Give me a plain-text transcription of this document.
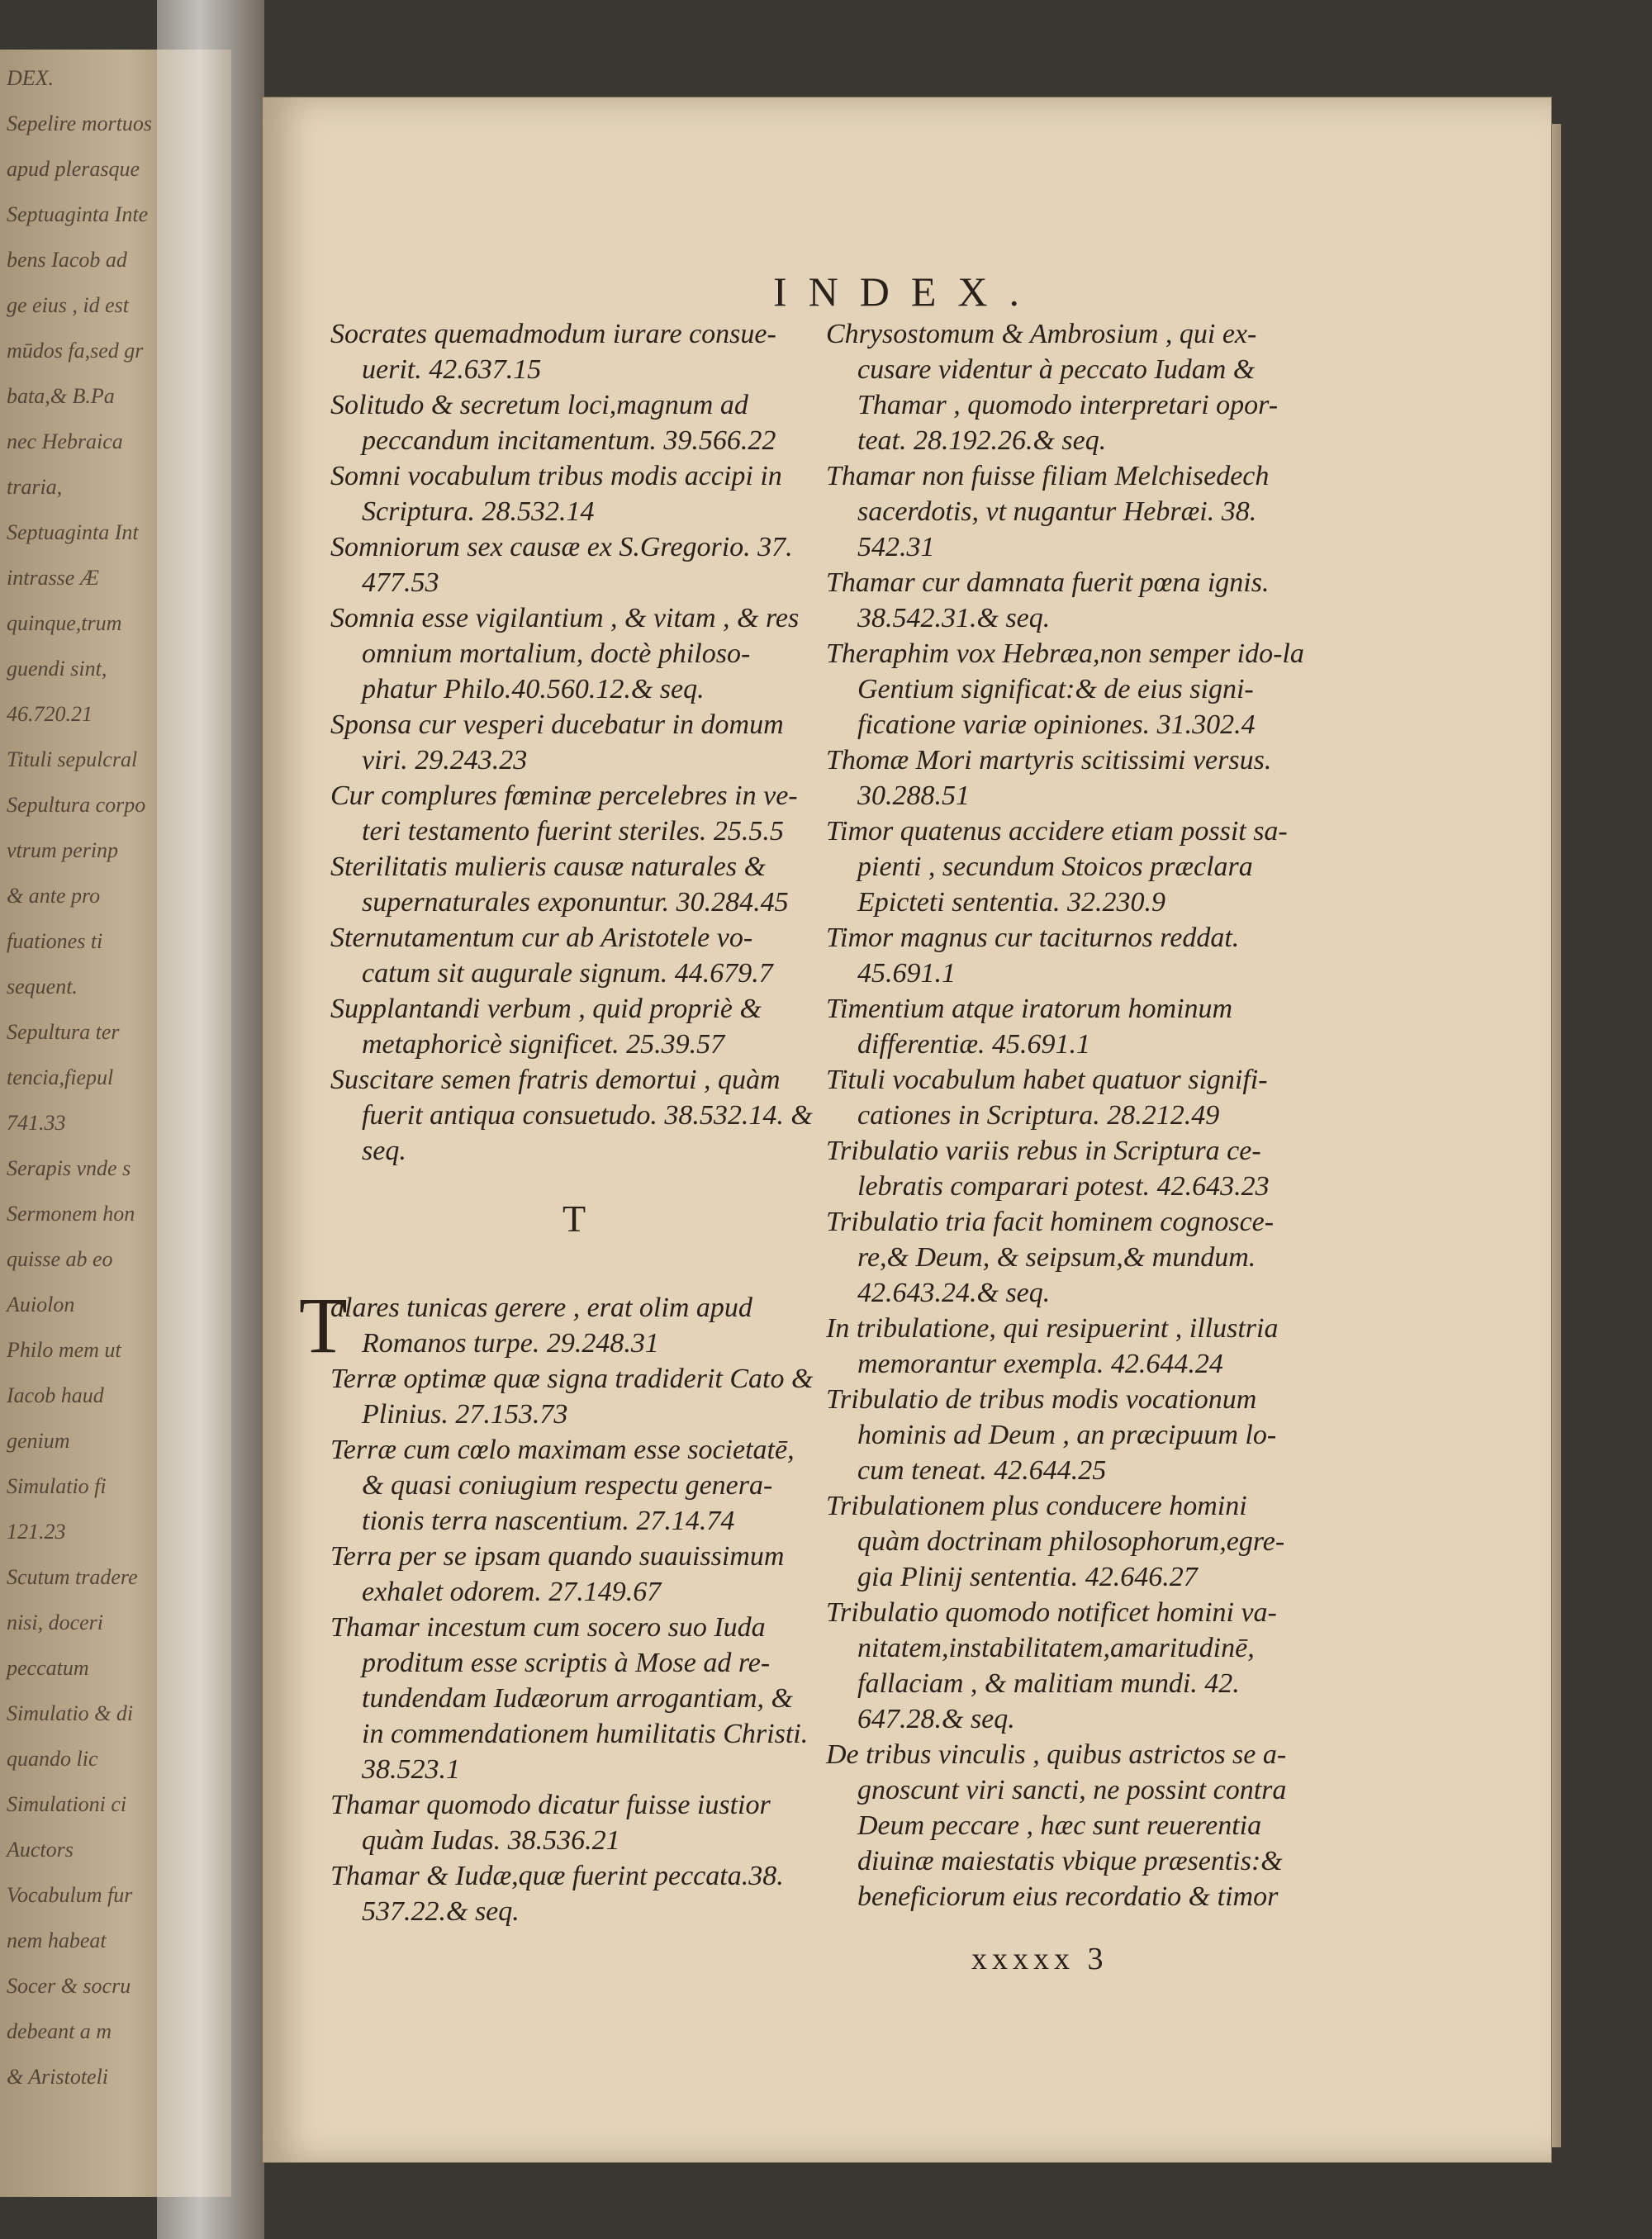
DEX.
Sepelire mortuos
apud plerasque
Septuaginta Inte
bens Iacob ad
ge eius , id est
mūdos fa,sed gr
bata,& B.Pa
nec Hebraica
traria,
Septuaginta Int
intrasse Æ
quinque,trum
guendi sint,
46.720.21
Tituli sepulcral
Sepultura corpo
vtrum perinp
& ante pro
fuationes ti
sequent.
Sepultura ter
tencia,fiepul
741.33
Serapis vnde s
Sermonem hon
quisse ab eo
Auiolon
Philo mem ut
Iacob haud
genium
Simulatio fi
121.23
Scutum tradere
nisi, doceri
peccatum
Simulatio & di
quando lic
Simulationi ci
Auctors
Vocabulum fur
nem habeat
Socer & socru
debeant a m
& Aristoteli
INDEX.
Socrates quemadmodum iurare consue-uerit. 42.637.15
Solitudo & secretum loci,magnum ad peccandum incitamentum. 39.566.22
Somni vocabulum tribus modis accipi in Scriptura. 28.532.14
Somniorum sex causæ ex S.Gregorio. 37. 477.53
Somnia esse vigilantium , & vitam , & res omnium mortalium, doctè philoso-phatur Philo.40.560.12.& seq.
Sponsa cur vesperi ducebatur in domum viri. 29.243.23
Cur complures fœminæ percelebres in ve-teri testamento fuerint steriles. 25.5.5
Sterilitatis mulieris causæ naturales & supernaturales exponuntur. 30.284.45
Sternutamentum cur ab Aristotele vo-catum sit augurale signum. 44.679.7
Supplantandi verbum , quid propriè & metaphoricè significet. 25.39.57
Suscitare semen fratris demortui , quàm fuerit antiqua consuetudo. 38.532.14. & seq.
T
Talares tunicas gerere , erat olim apud Romanos turpe. 29.248.31
Terræ optimæ quæ signa tradiderit Cato & Plinius. 27.153.73
Terræ cum cœlo maximam esse societatē, & quasi coniugium respectu genera-tionis terra nascentium. 27.14.74
Terra per se ipsam quando suauissimum exhalet odorem. 27.149.67
Thamar incestum cum socero suo Iuda proditum esse scriptis à Mose ad re-tundendam Iudæorum arrogantiam, & in commendationem humilitatis Christi. 38.523.1
Thamar quomodo dicatur fuisse iustior quàm Iudas. 38.536.21
Thamar & Iudæ,quæ fuerint peccata.38. 537.22.& seq.
Chrysostomum & Ambrosium , qui ex-cusare videntur à peccato Iudam & Thamar , quomodo interpretari opor-teat. 28.192.26.& seq.
Thamar non fuisse filiam Melchisedech sacerdotis, vt nugantur Hebræi. 38. 542.31
Thamar cur damnata fuerit pœna ignis. 38.542.31.& seq.
Theraphim vox Hebræa,non semper ido-la Gentium significat:& de eius signi-ficatione variæ opiniones. 31.302.4
Thomæ Mori martyris scitissimi versus. 30.288.51
Timor quatenus accidere etiam possit sa-pienti , secundum Stoicos præclara Epicteti sententia. 32.230.9
Timor magnus cur taciturnos reddat. 45.691.1
Timentium atque iratorum hominum differentiæ. 45.691.1
Tituli vocabulum habet quatuor signifi-cationes in Scriptura. 28.212.49
Tribulatio variis rebus in Scriptura ce-lebratis comparari potest. 42.643.23
Tribulatio tria facit hominem cognosce-re,& Deum, & seipsum,& mundum. 42.643.24.& seq.
In tribulatione, qui resipuerint , illustria memorantur exempla. 42.644.24
Tribulatio de tribus modis vocationum hominis ad Deum , an præcipuum lo-cum teneat. 42.644.25
Tribulationem plus conducere homini quàm doctrinam philosophorum,egre-gia Plinij sententia. 42.646.27
Tribulatio quomodo notificet homini va-nitatem,instabilitatem,amaritudinē, fallaciam , & malitiam mundi. 42. 647.28.& seq.
De tribus vinculis , quibus astrictos se a-gnoscunt viri sancti, ne possint contra Deum peccare , hæc sunt reuerentia diuinæ maiestatis vbique præsentis:& beneficiorum eius recordatio & timor
xxxxx 3
